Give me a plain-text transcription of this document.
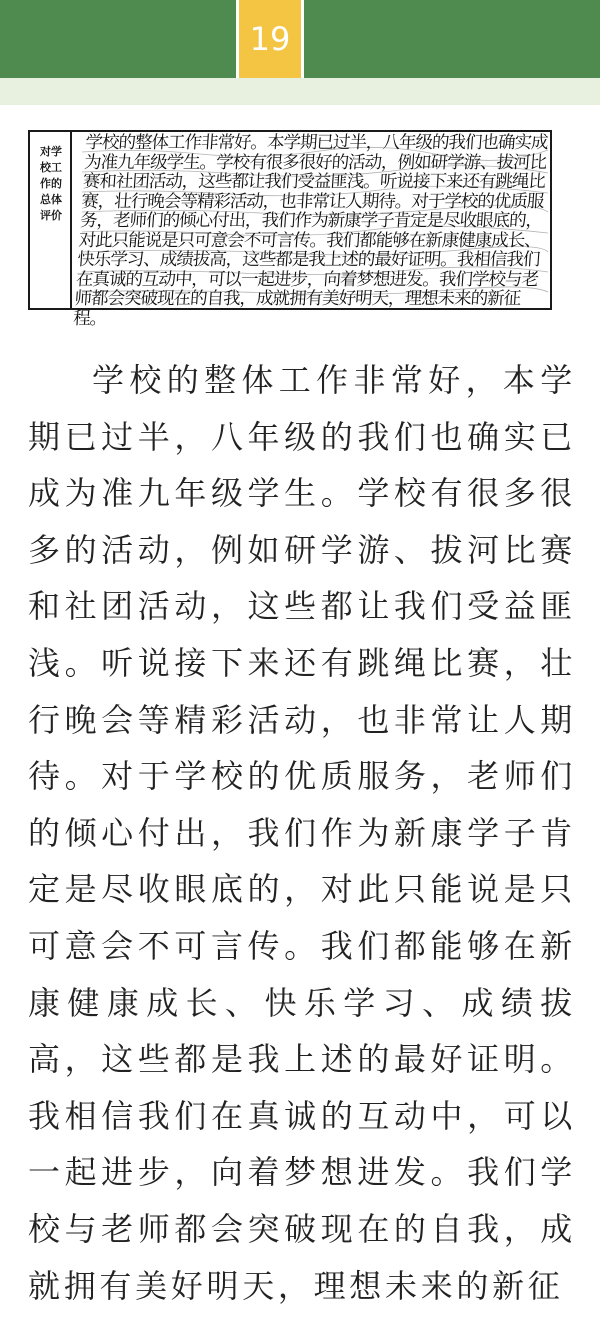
19
对学校工作的总体评价
学校的整体工作非常好。本学期已过半，八年级的我们也确实成为准九年级学生。学校有很多很好的活动，例如研学游、拔河比赛和社团活动，这些都让我们受益匪浅。听说接下来还有跳绳比赛，壮行晚会等精彩活动，也非常让人期待。对于学校的优质服务，老师们的倾心付出，我们作为新康学子肯定是尽收眼底的，对此只能说是只可意会不可言传。我们都能够在新康健康成长、快乐学习、成绩拔高，这些都是我上述的最好证明。我相信我们在真诚的互动中，可以一起进步，向着梦想进发。我们学校与老师都会突破现在的自我，成就拥有美好明天，理想未来的新征程。

学校的整体工作非常好，本学期已过半，八年级的我们也确实已成为准九年级学生。学校有很多很多的活动，例如研学游、拔河比赛和社团活动，这些都让我们受益匪浅。听说接下来还有跳绳比赛，壮行晚会等精彩活动，也非常让人期待。对于学校的优质服务，老师们的倾心付出，我们作为新康学子肯定是尽收眼底的，对此只能说是只可意会不可言传。我们都能够在新康健康成长、快乐学习、成绩拔高，这些都是我上述的最好证明。我相信我们在真诚的互动中，可以一起进步，向着梦想进发。我们学校与老师都会突破现在的自我，成就拥有美好明天，理想未来的新征
